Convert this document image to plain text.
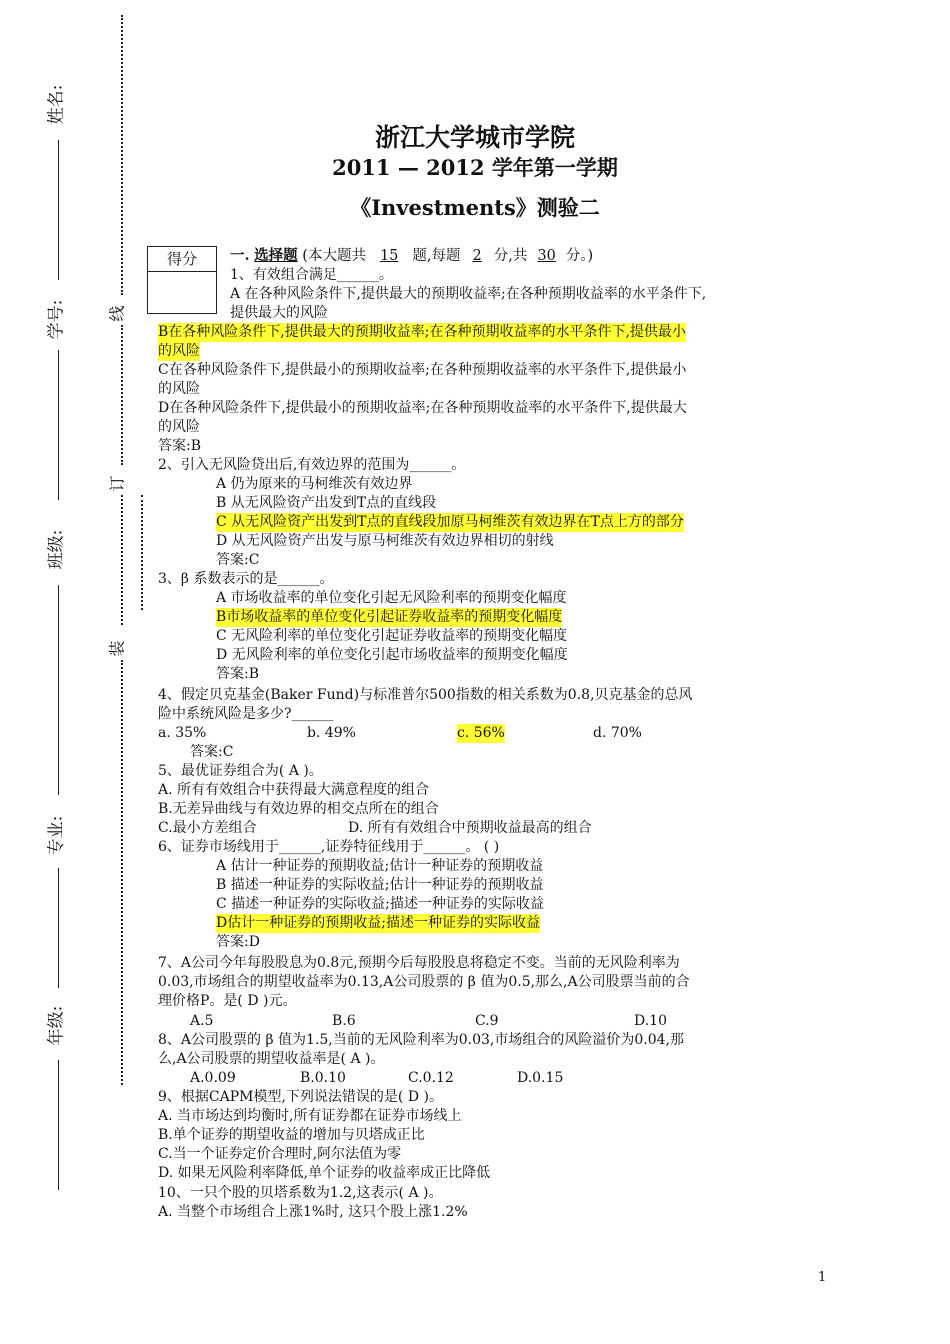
姓名:
学号:
班级:
专业:
年级:
线
订
装
浙江大学城市学院
2011 — 2012 学年第一学期
《Investments》测验二
得分	一. 选择题 (本大题共 15 题,每题 2 分,共 30 分。)
1、有效组合满足______。
A 在各种风险条件下,提供最大的预期收益率;在各种预期收益率的水平条件下,
提供最大的风险
B在各种风险条件下,提供最大的预期收益率;在各种预期收益率的水平条件下,提供最小
的风险
C在各种风险条件下,提供最小的预期收益率;在各种预期收益率的水平条件下,提供最小
的风险
D在各种风险条件下,提供最小的预期收益率;在各种预期收益率的水平条件下,提供最大
的风险
答案:B
2、引入无风险贷出后,有效边界的范围为______。
A 仍为原来的马柯维茨有效边界
B 从无风险资产出发到T点的直线段
C 从无风险资产出发到T点的直线段加原马柯维茨有效边界在T点上方的部分
D 从无风险资产出发与原马柯维茨有效边界相切的射线
答案:C
3、β 系数表示的是______。
A 市场收益率的单位变化引起无风险利率的预期变化幅度
B市场收益率的单位变化引起证券收益率的预期变化幅度
C 无风险利率的单位变化引起证券收益率的预期变化幅度
D 无风险利率的单位变化引起市场收益率的预期变化幅度
答案:B
4、假定贝克基金(Baker Fund)与标准普尔500指数的相关系数为0.8,贝克基金的总风
险中系统风险是多少?______
a. 35%	b. 49%	c. 56%	d. 70%
答案:C
5、最优证券组合为( A )。
A. 所有有效组合中获得最大满意程度的组合
B.无差异曲线与有效边界的相交点所在的组合
C.最小方差组合	D. 所有有效组合中预期收益最高的组合
6、证券市场线用于______,证券特征线用于______。 ( )
A 估计一种证券的预期收益;估计一种证券的预期收益
B 描述一种证券的实际收益;估计一种证券的预期收益
C 描述一种证券的实际收益;描述一种证券的实际收益
D估计一种证券的预期收益;描述一种证券的实际收益
答案:D
7、A公司今年每股股息为0.8元,预期今后每股股息将稳定不变。当前的无风险利率为
0.03,市场组合的期望收益率为0.13,A公司股票的 β 值为0.5,那么,A公司股票当前的合
理价格P。是( D )元。
A.5	B.6	C.9	D.10
8、A公司股票的 β 值为1.5,当前的无风险利率为0.03,市场组合的风险溢价为0.04,那
么,A公司股票的期望收益率是( A )。
A.0.09	B.0.10	C.0.12	D.0.15
9、根据CAPM模型,下列说法错误的是( D )。
A. 当市场达到均衡时,所有证券都在证券市场线上
B.单个证券的期望收益的增加与贝塔成正比
C.当一个证券定价合理时,阿尔法值为零
D. 如果无风险利率降低,单个证券的收益率成正比降低
10、一只个股的贝塔系数为1.2,这表示( A )。
A. 当整个市场组合上涨1%时, 这只个股上涨1.2%
1
